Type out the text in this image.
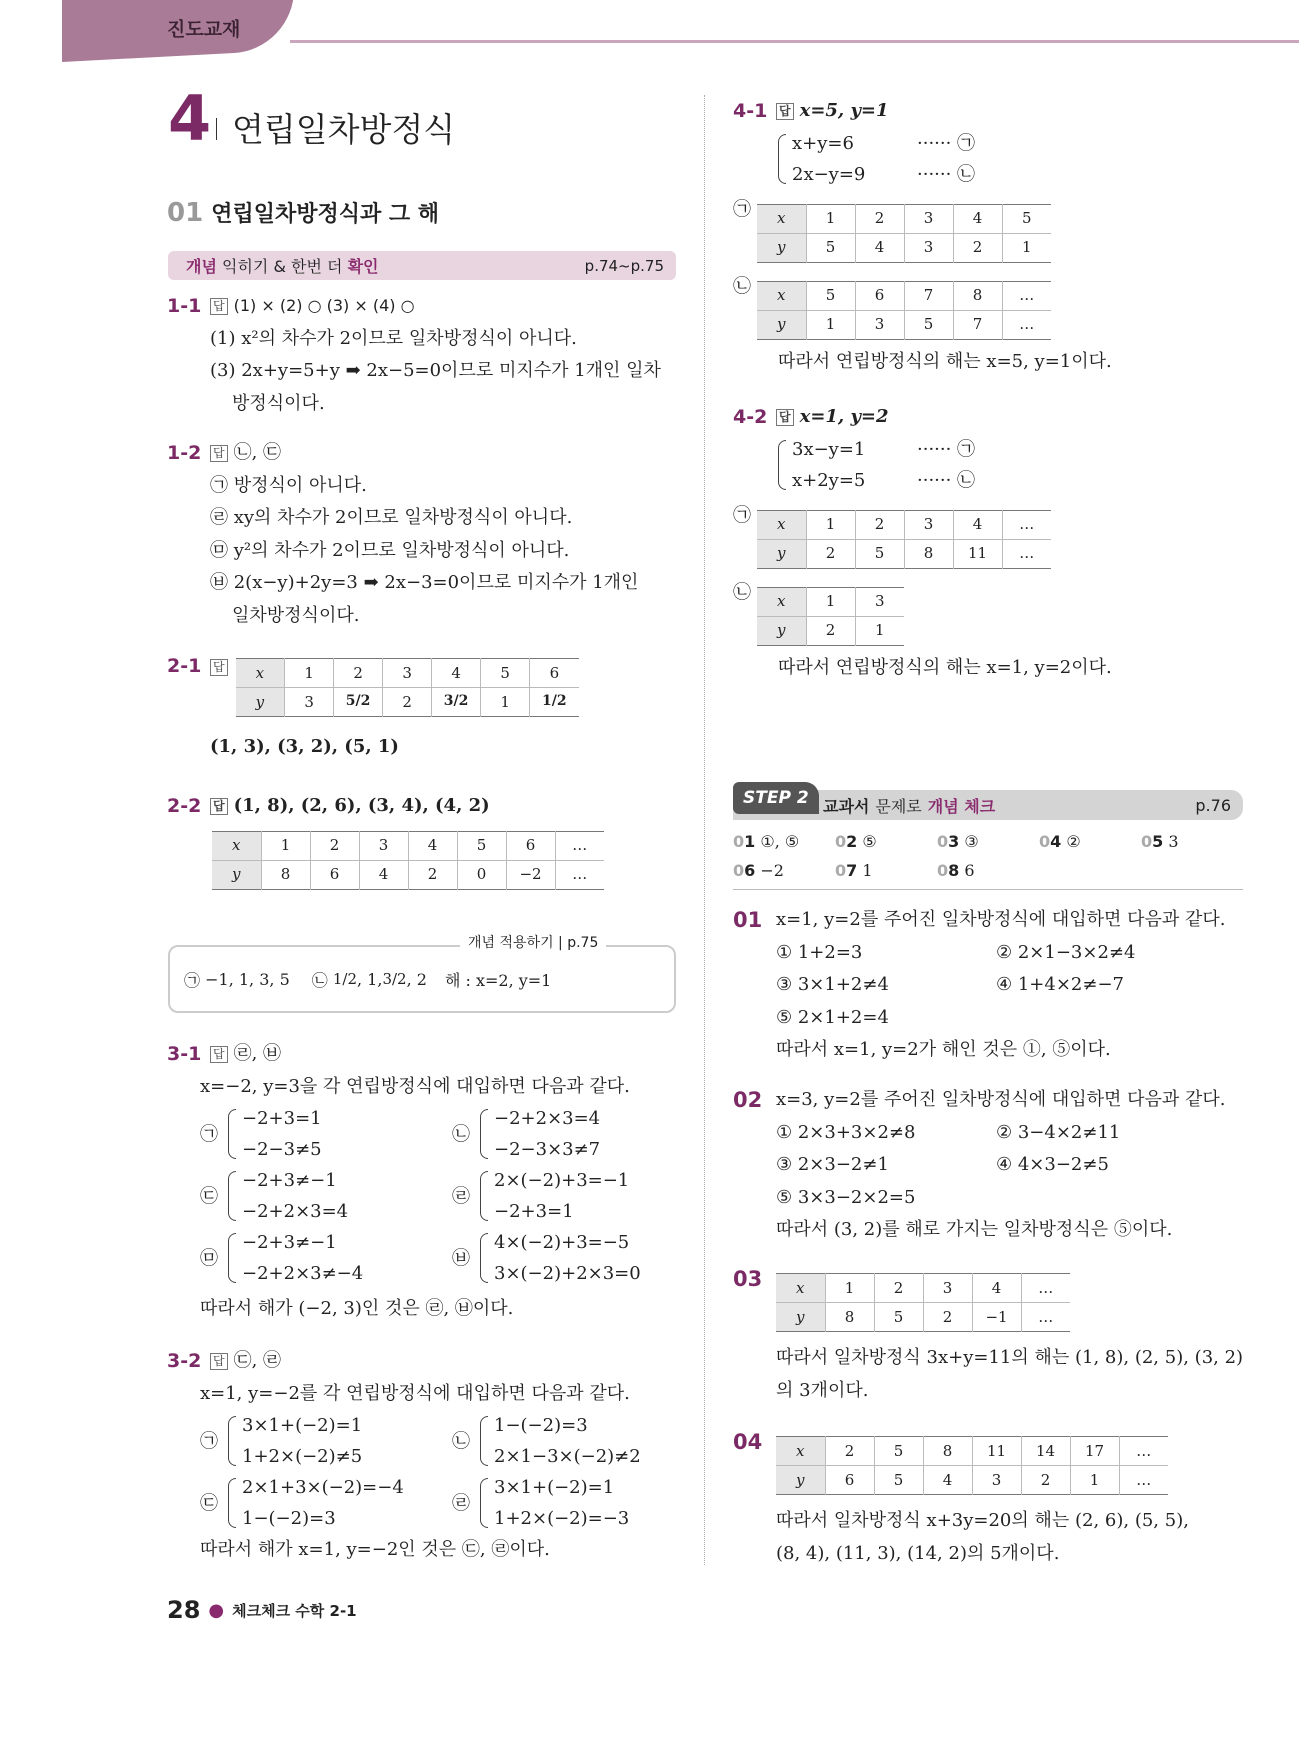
진도교재
4 연립일차방정식
01 연립일차방정식과 그 해
개념
익히기 & 한번 더
확인	p.74~p.75
1-1 답 (1) × (2) ○ (3) × (4) ○
(1) x²의 차수가 2이므로 일차방정식이 아니다.
(3) 2x+y=5+y ➡ 2x−5=0이므로 미지수가 1개인 일차
방정식이다.
1-2 답 ㉡, ㉢
㉠ 방정식이 아니다.
㉣ xy의 차수가 2이므로 일차방정식이 아니다.
㉤ y²의 차수가 2이므로 일차방정식이 아니다.
㉥ 2(x−y)+2y=3 ➡ 2x−3=0이므로 미지수가 1개인
일차방정식이다.
2-1 답 x	1	2	3	4	5	6
y	3	5/2	2	3/2	1	1/2
(1, 3), (3, 2), (5, 1)
2-2 답 (1, 8), (2, 6), (3, 4), (4, 2)
x	1	2	3	4	5	6	…
y	8	6	4	2	0	−2	…
㉠
−1, 1, 3, 5 ㉡
1/2 , 1, 3/2 , 2 해 : x=2, y=1
개념 적용하기 | p.75
3-1 답 ㉣, ㉥
x=−2, y=3을 각 연립방정식에 대입하면 다음과 같다.
㉠
−2+3=1
−2−3≠5
㉡
−2+2×3=4
−2−3×3≠7
㉢
−2+3≠−1
−2+2×3=4
㉣
2×(−2)+3=−1
−2+3=1
㉤
−2+3≠−1
−2+2×3≠−4
㉥
4×(−2)+3=−5
3×(−2)+2×3=0
따라서 해가 (−2, 3)인 것은 ㉣, ㉥이다.
3-2 답 ㉢, ㉣
x=1, y=−2를 각 연립방정식에 대입하면 다음과 같다.
㉠
3×1+(−2)=1
1+2×(−2)≠5
㉡
1−(−2)=3
2×1−3×(−2)≠2
㉢
2×1+3×(−2)=−4
1−(−2)=3
㉣
3×1+(−2)=1
1+2×(−2)=−3
따라서 해가 x=1, y=−2인 것은 ㉢, ㉣이다.
28 ● 체크체크 수학 2-1
4-1 답 x=5, y=1
x+y=6	······ ㉠
2x−y=9	······ ㉡
㉠	x	1	2	3	4	5
y	5	4	3	2	1
㉡	x	5	6	7	8	…
y	1	3	5	7	…
따라서 연립방정식의 해는 x=5, y=1이다.
4-2 답 x=1, y=2
3x−y=1	······ ㉠
x+2y=5	······ ㉡
㉠	x	1	2	3	4	…
y	2	5	8	11	…
㉡	x	1	3
y	2	1
따라서 연립방정식의 해는 x=1, y=2이다.
STEP 2 교과서 문제로 개념 체크	p.76
01 ①, ⑤	02 ⑤	03 ③	04 ②	05 3
06 −2	07 1	08 6
01 x=1, y=2를 주어진 일차방정식에 대입하면 다음과 같다.
① 1+2=3	② 2×1−3×2≠4
③ 3×1+2≠4	④ 1+4×2≠−7
⑤ 2×1+2=4
따라서 x=1, y=2가 해인 것은 ①, ⑤이다.
02 x=3, y=2를 주어진 일차방정식에 대입하면 다음과 같다.
① 2×3+3×2≠8	② 3−4×2≠11
③ 2×3−2≠1	④ 4×3−2≠5
⑤ 3×3−2×2=5
따라서 (3, 2)를 해로 가지는 일차방정식은 ⑤이다.
03 x	1	2	3	4	…
y	8	5	2	−1	…
따라서 일차방정식 3x+y=11의 해는 (1, 8), (2, 5), (3, 2)
의 3개이다.
04 x	2	5	8	11	14	17	…
y	6	5	4	3	2	1	…
따라서 일차방정식 x+3y=20의 해는 (2, 6), (5, 5),
(8, 4), (11, 3), (14, 2)의 5개이다.
